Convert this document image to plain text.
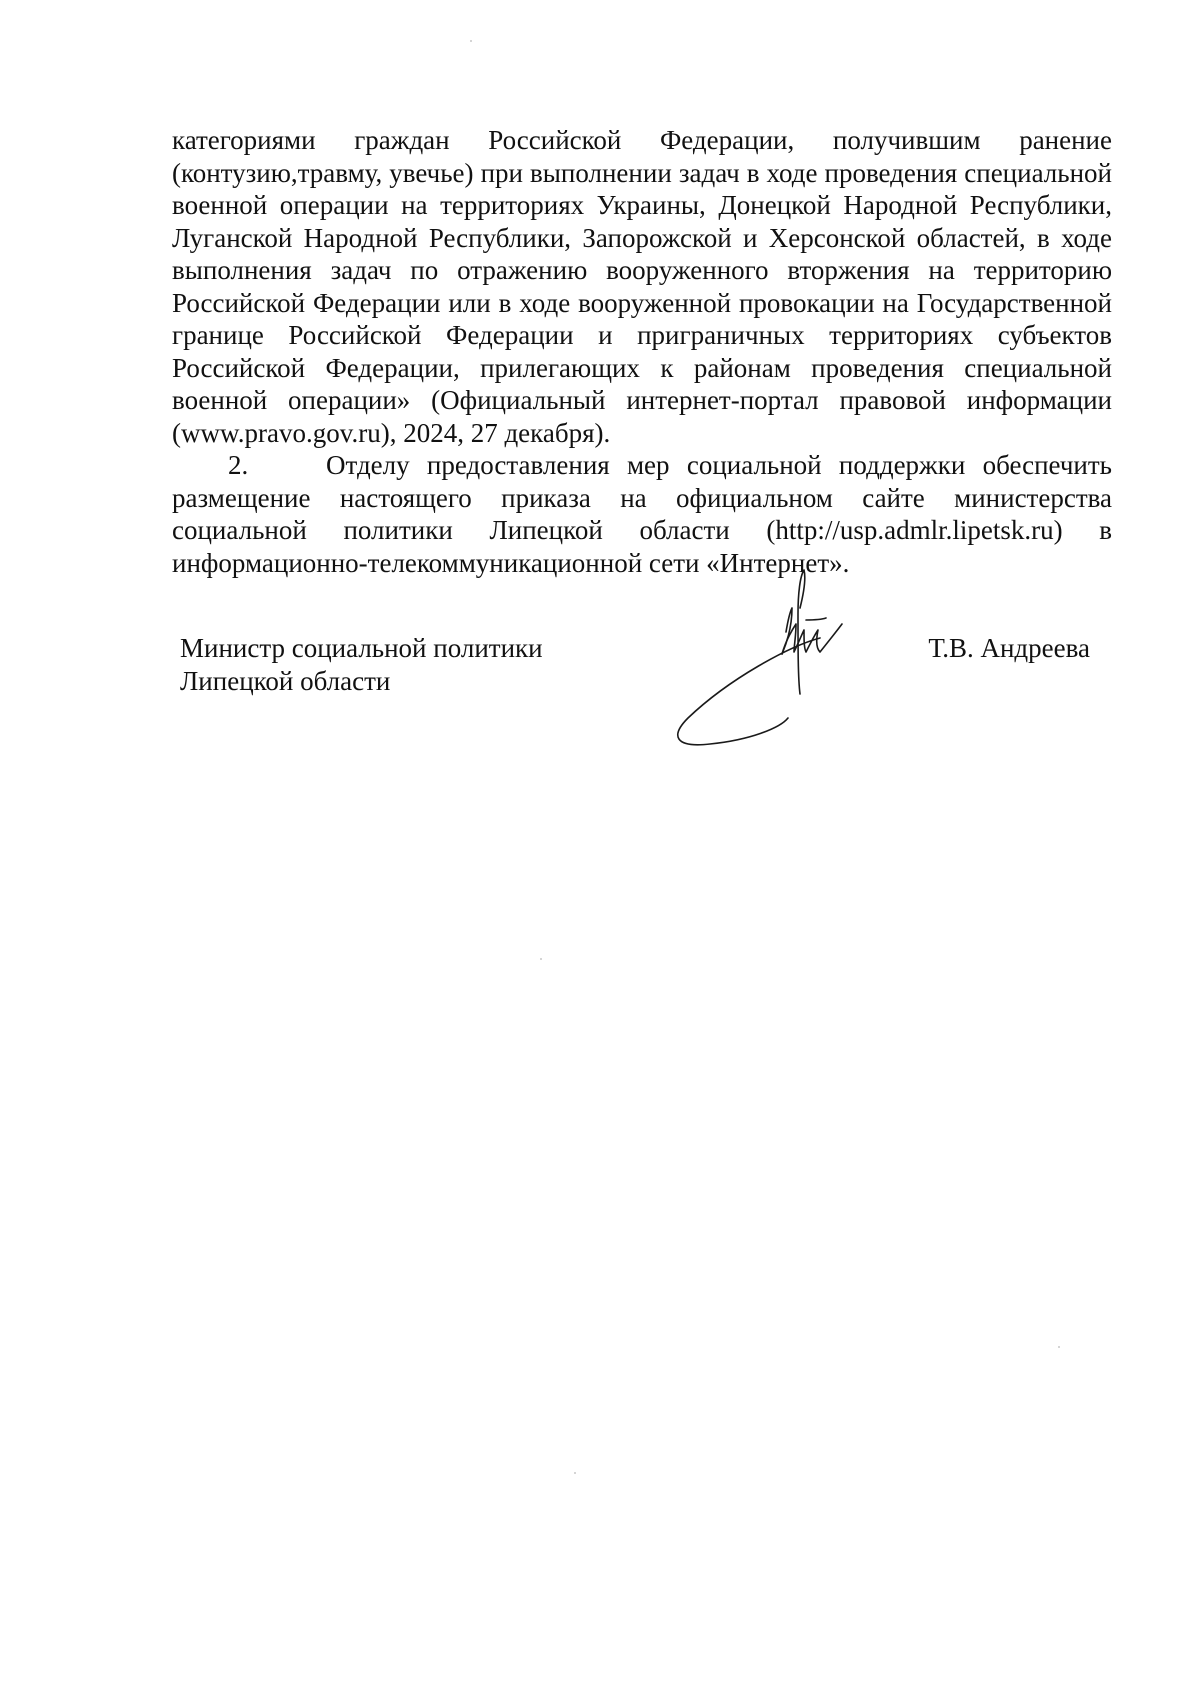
категориями граждан Российской Федерации, получившим ранение (контузию,травму, увечье) при выполнении задач в ходе проведения специальной военной операции на территориях Украины, Донецкой Народной Республики, Луганской Народной Республики, Запорожской и Херсонской областей, в ходе выполнения задач по отражению вооруженного вторжения на территорию Российской Федерации или в ходе вооруженной провокации на Государственной границе Российской Федерации и приграничных территориях субъектов Российской Федерации, прилегающих к районам проведения специальной военной операции» (Официальный интернет-портал правовой информации (www.pravo.gov.ru), 2024, 27 декабря).

2.	Отделу предоставления мер социальной поддержки обеспечить размещение настоящего приказа на официальном сайте министерства социальной политики Липецкой области (http://usp.admlr.lipetsk.ru) в информационно-телекоммуникационной сети «Интернет».

Министр социальной политики
Липецкой области
Т.В. Андреева
